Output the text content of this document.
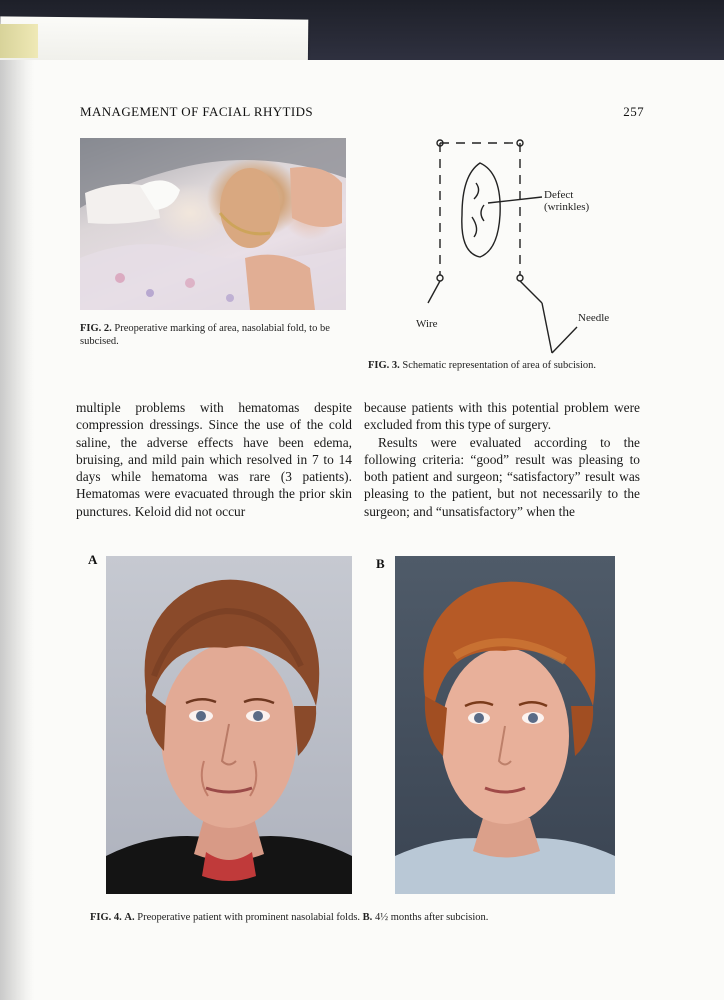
MANAGEMENT OF FACIAL RHYTIDS	257
FIG. 2. Preoperative marking of area, nasolabial fold, to be subcised.
Defect
(wrinkles)
Needle
Wire
FIG. 3. Schematic representation of area of subcision.

multiple problems with hematomas despite compression dressings. Since the use of the cold saline, the adverse effects have been edema, bruising, and mild pain which resolved in 7 to 14 days while hematoma was rare (3 patients). Hematomas were evacuated through the prior skin punctures. Keloid did not occur

because patients with this potential problem were excluded from this type of surgery.

Results were evaluated according to the following criteria: “good” result was pleasing to both patient and surgeon; “satisfactory” result was pleasing to the patient, but not necessarily to the surgeon; and “unsatisfactory” when the

A	B
FIG. 4. A. Preoperative patient with prominent nasolabial folds. B. 4½ months after subcision.
